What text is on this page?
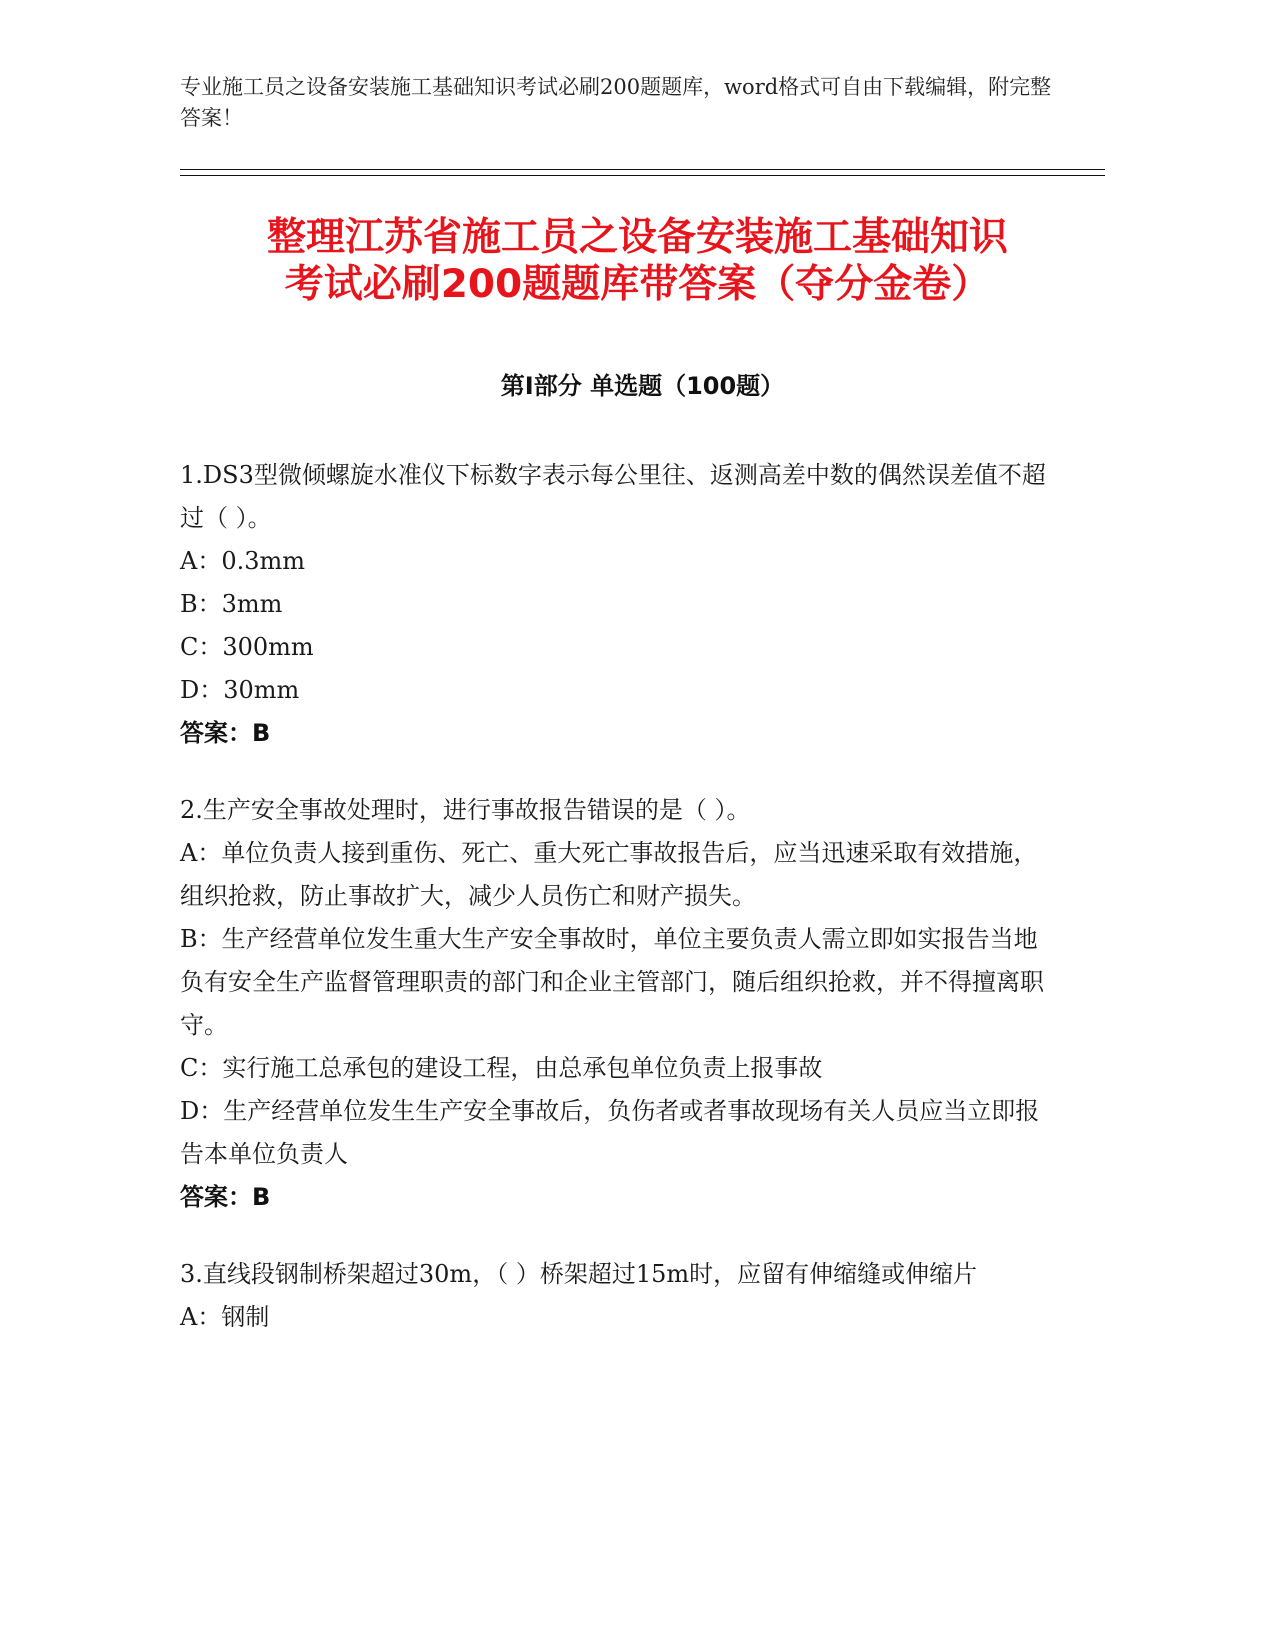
专业施工员之设备安装施工基础知识考试必刷200题题库，word格式可自由下载编辑，附完整答案！
整理江苏省施工员之设备安装施工基础知识
考试必刷200题题库带答案（夺分金卷）
第I部分 单选题（100题）
1.DS3型微倾螺旋水准仪下标数字表示每公里往、返测高差中数的偶然误差值不超过（ ）。
A：0.3mm
B：3mm
C：300mm
D：30mm
答案：B
2.生产安全事故处理时，进行事故报告错误的是（ ）。
A：单位负责人接到重伤、死亡、重大死亡事故报告后，应当迅速采取有效措施，组织抢救，防止事故扩大，减少人员伤亡和财产损失。
B：生产经营单位发生重大生产安全事故时，单位主要负责人需立即如实报告当地负有安全生产监督管理职责的部门和企业主管部门，随后组织抢救，并不得擅离职守。
C：实行施工总承包的建设工程，由总承包单位负责上报事故
D：生产经营单位发生生产安全事故后，负伤者或者事故现场有关人员应当立即报告本单位负责人
答案：B
3.直线段钢制桥架超过30m，（ ）桥架超过15m时，应留有伸缩缝或伸缩片
A：钢制
